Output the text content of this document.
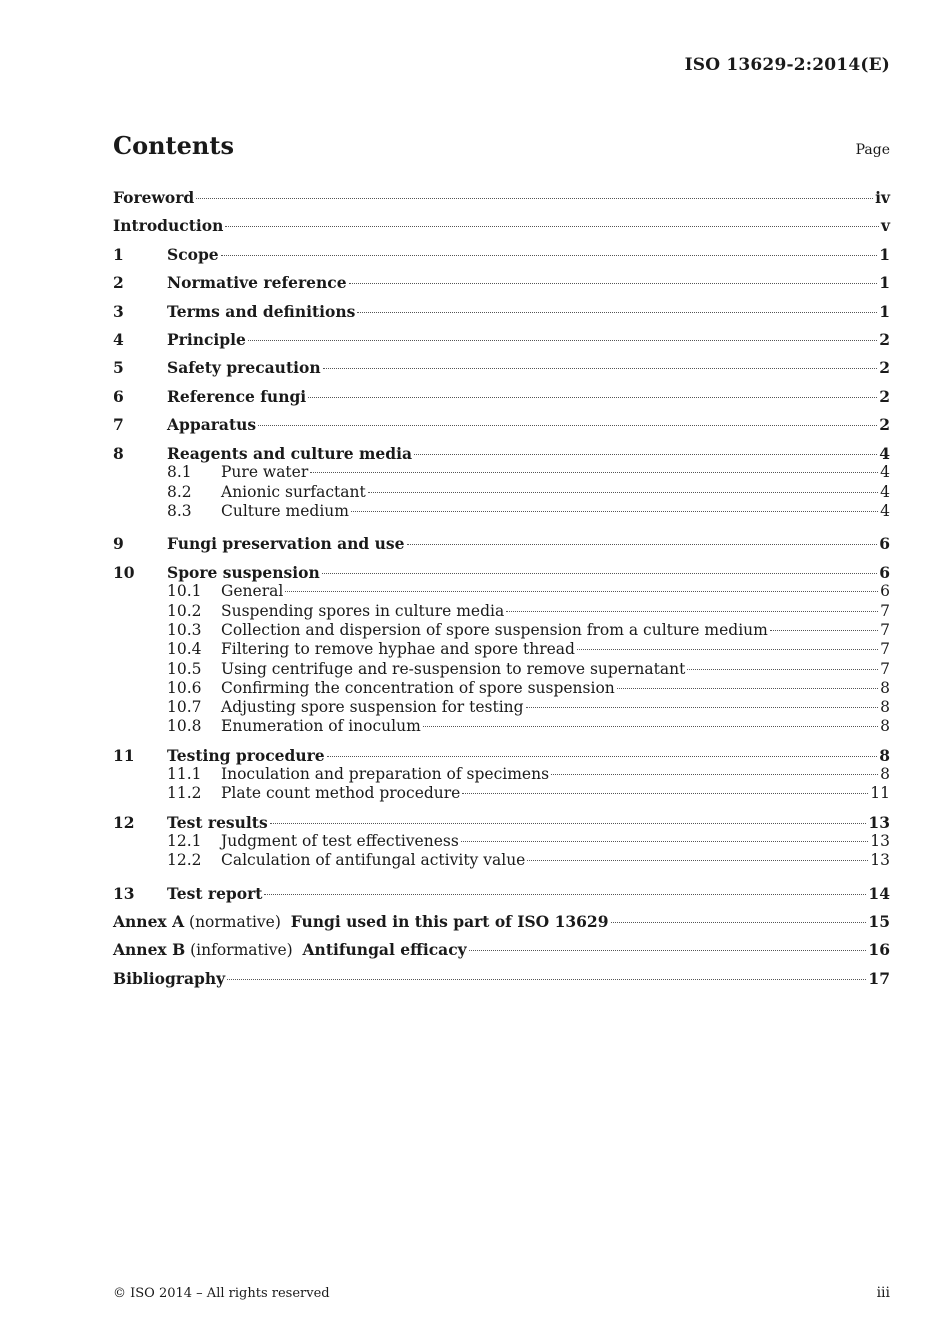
ISO 13629-2:2014(E)
Contents	Page
Foreword	iv
Introduction	v
1	Scope	1
2	Normative reference	1
3	Terms and definitions	1
4	Principle	2
5	Safety precaution	2
6	Reference fungi	2
7	Apparatus	2
8	Reagents and culture media	4
8.1	Pure water	4
8.2	Anionic surfactant	4
8.3	Culture medium	4
9	Fungi preservation and use	6
10	Spore suspension	6
10.1	General	6
10.2	Suspending spores in culture media	7
10.3	Collection and dispersion of spore suspension from a culture medium	7
10.4	Filtering to remove hyphae and spore thread	7
10.5	Using centrifuge and re-suspension to remove supernatant	7
10.6	Confirming the concentration of spore suspension	8
10.7	Adjusting spore suspension for testing	8
10.8	Enumeration of inoculum	8
11	Testing procedure	8
11.1	Inoculation and preparation of specimens	8
11.2	Plate count method procedure	11
12	Test results	13
12.1	Judgment of test effectiveness	13
12.2	Calculation of antifungal activity value	13
13	Test report	14
Annex A (normative)  Fungi used in this part of ISO 13629	15
Annex B (informative)  Antifungal efficacy	16
Bibliography	17
© ISO 2014 – All rights reserved	iii
